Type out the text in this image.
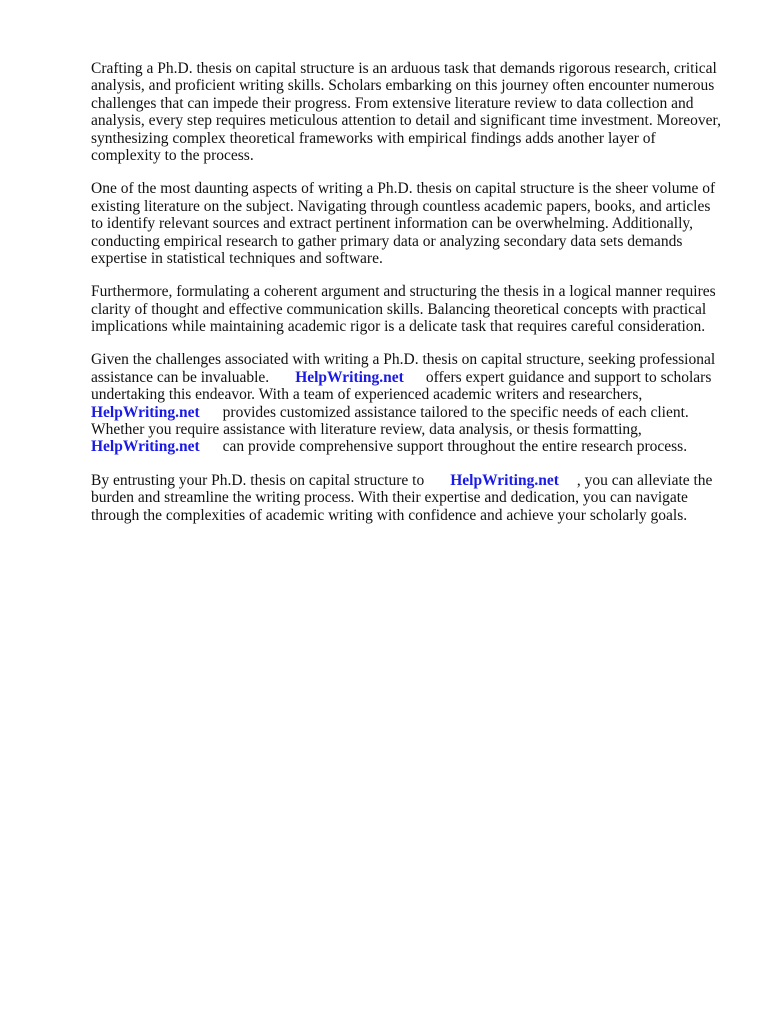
Crafting a Ph.D. thesis on capital structure is an arduous task that demands rigorous research, critical
analysis, and proficient writing skills. Scholars embarking on this journey often encounter numerous
challenges that can impede their progress. From extensive literature review to data collection and
analysis, every step requires meticulous attention to detail and significant time investment. Moreover,
synthesizing complex theoretical frameworks with empirical findings adds another layer of
complexity to the process.

One of the most daunting aspects of writing a Ph.D. thesis on capital structure is the sheer volume of
existing literature on the subject. Navigating through countless academic papers, books, and articles
to identify relevant sources and extract pertinent information can be overwhelming. Additionally,
conducting empirical research to gather primary data or analyzing secondary data sets demands
expertise in statistical techniques and software.

Furthermore, formulating a coherent argument and structuring the thesis in a logical manner requires
clarity of thought and effective communication skills. Balancing theoretical concepts with practical
implications while maintaining academic rigor is a delicate task that requires careful consideration.

Given the challenges associated with writing a Ph.D. thesis on capital structure, seeking professional
assistance can be invaluable. HelpWriting.net offers expert guidance and support to scholars
undertaking this endeavor. With a team of experienced academic writers and researchers,
HelpWriting.net provides customized assistance tailored to the specific needs of each client.
Whether you require assistance with literature review, data analysis, or thesis formatting,
HelpWriting.net can provide comprehensive support throughout the entire research process.

By entrusting your Ph.D. thesis on capital structure to HelpWriting.net , you can alleviate the
burden and streamline the writing process. With their expertise and dedication, you can navigate
through the complexities of academic writing with confidence and achieve your scholarly goals.
